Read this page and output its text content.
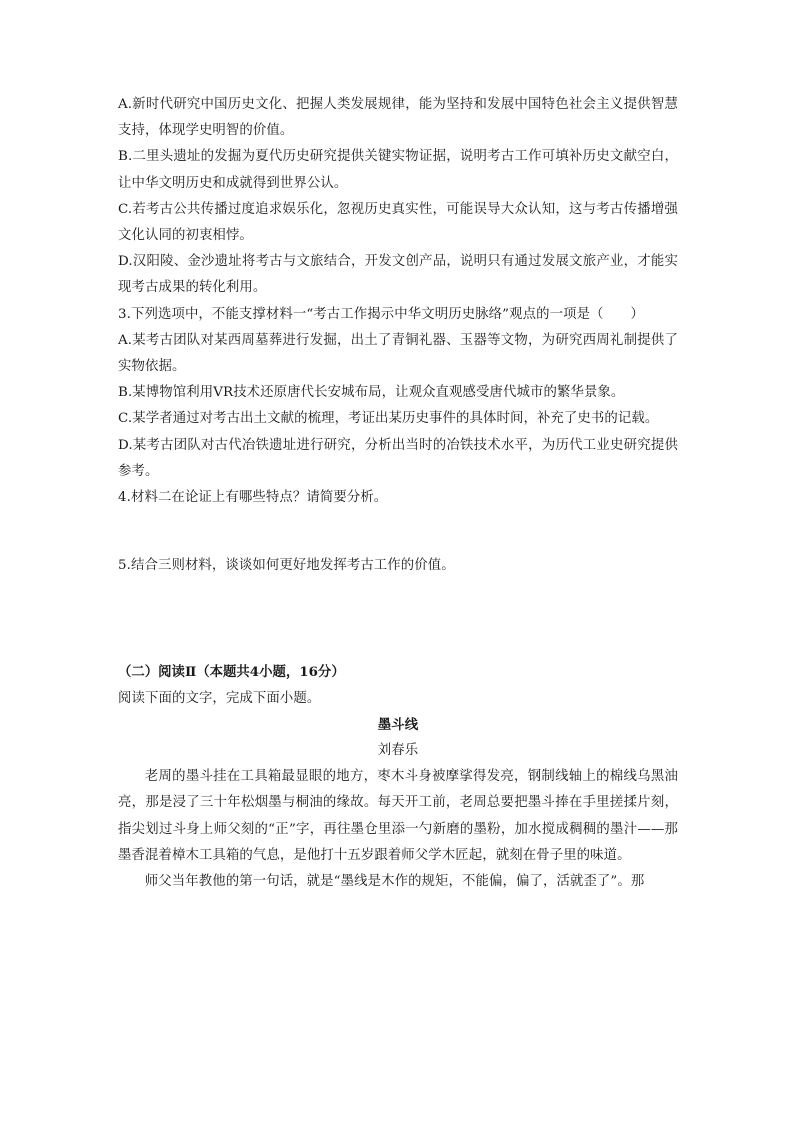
A.新时代研究中国历史文化、把握人类发展规律，能为坚持和发展中国特色社会主义提供智慧支持，体现学史明智的价值。

B.二里头遗址的发掘为夏代历史研究提供关键实物证据，说明考古工作可填补历史文献空白，让中华文明历史和成就得到世界公认。

C.若考古公共传播过度追求娱乐化，忽视历史真实性，可能误导大众认知，这与考古传播增强文化认同的初衷相悖。

D.汉阳陵、金沙遗址将考古与文旅结合，开发文创产品，说明只有通过发展文旅产业，才能实现考古成果的转化利用。

3.下列选项中，不能支撑材料一“考古工作揭示中华文明历史脉络”观点的一项是（　　）

A.某考古团队对某西周墓葬进行发掘，出土了青铜礼器、玉器等文物，为研究西周礼制提供了实物依据。

B.某博物馆利用VR技术还原唐代长安城布局，让观众直观感受唐代城市的繁华景象。

C.某学者通过对考古出土文献的梳理，考证出某历史事件的具体时间，补充了史书的记载。

D.某考古团队对古代冶铁遗址进行研究，分析出当时的冶铁技术水平，为历代工业史研究提供参考。

4.材料二在论证上有哪些特点？请简要分析。

5.结合三则材料，谈谈如何更好地发挥考古工作的价值。

（二）阅读Ⅱ（本题共4小题，16分）

阅读下面的文字，完成下面小题。

墨斗线

刘春乐

老周的墨斗挂在工具箱最显眼的地方，枣木斗身被摩挲得发亮，钢制线轴上的棉线乌黑油亮，那是浸了三十年松烟墨与桐油的缘故。每天开工前，老周总要把墨斗捧在手里搓揉片刻，指尖划过斗身上师父刻的“正”字，再往墨仓里添一勺新磨的墨粉，加水搅成稠稠的墨汁——那墨香混着樟木工具箱的气息，是他打十五岁跟着师父学木匠起，就刻在骨子里的味道。

师父当年教他的第一句话，就是“墨线是木作的规矩，不能偏，偏了，活就歪了”。那
